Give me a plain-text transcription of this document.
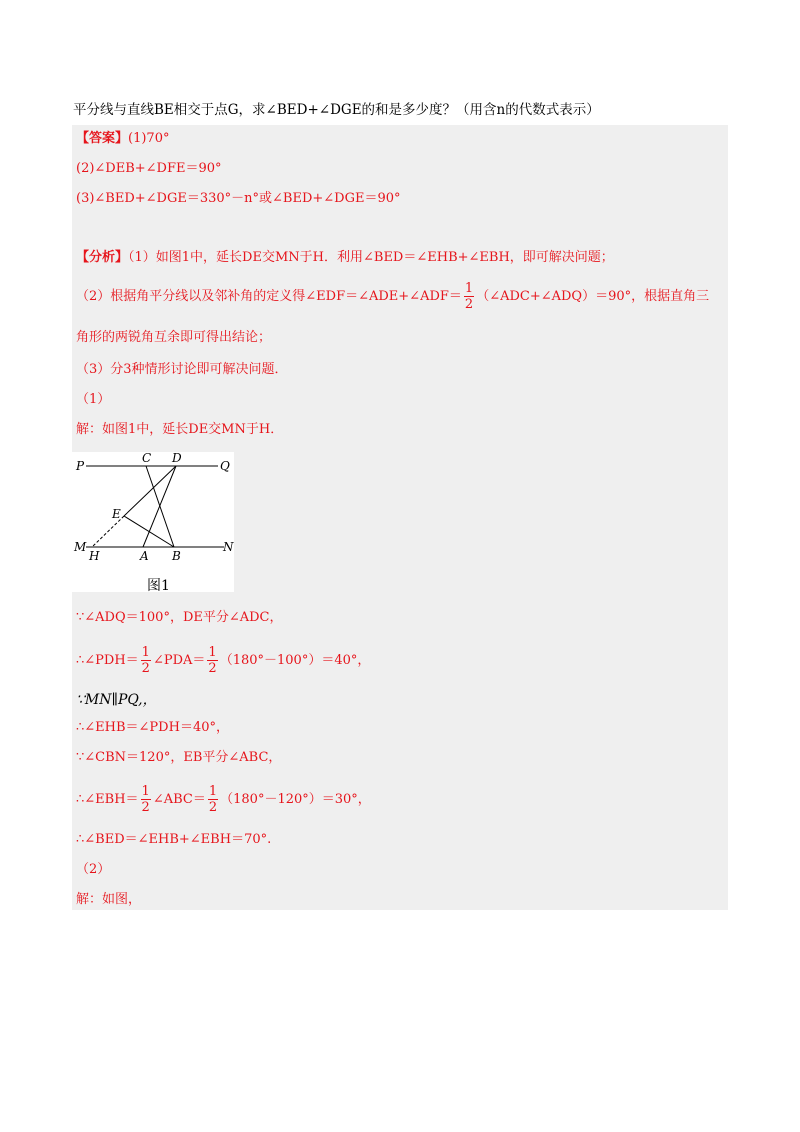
平分线与直线BE相交于点G，求∠BED+∠DGE的和是多少度？（用含n的代数式表示）
【答案】(1)70°
(2)∠DEB+∠DFE＝90°
(3)∠BED+∠DGE＝330°－n°或∠BED+∠DGE＝90°
【分析】（1）如图1中，延长DE交MN于H．利用∠BED＝∠EHB+∠EBH，即可解决问题；
（2）根据角平分线以及邻补角的定义得∠EDF＝∠ADE+∠ADF＝ $\frac{1}{2}$ （∠ADC+∠ADQ）＝90°，根据直角三
角形的两锐角互余即可得出结论；
（3）分3种情形讨论即可解决问题．
（1）
解：如图1中，延长DE交MN于H．
P	Q
C D
E
M
H	A B
N
图1
∵∠ADQ＝100°，DE平分∠ADC，
∴∠PDH＝ $\frac{1}{2}$ ∠PDA＝ $\frac{1}{2} (180^\circ-100^\circ)=40^\circ$，
∵MN∥PQ,，
∴∠EHB＝∠PDH＝40°，
∵∠CBN＝120°，EB平分∠ABC，
∴∠EBH＝ $\frac{1}{2}$ ∠ABC＝ $\frac{1}{2} (180^\circ-120^\circ)=30^\circ$，
∴∠BED＝∠EHB+∠EBH＝70°.
（2）
解：如图，
